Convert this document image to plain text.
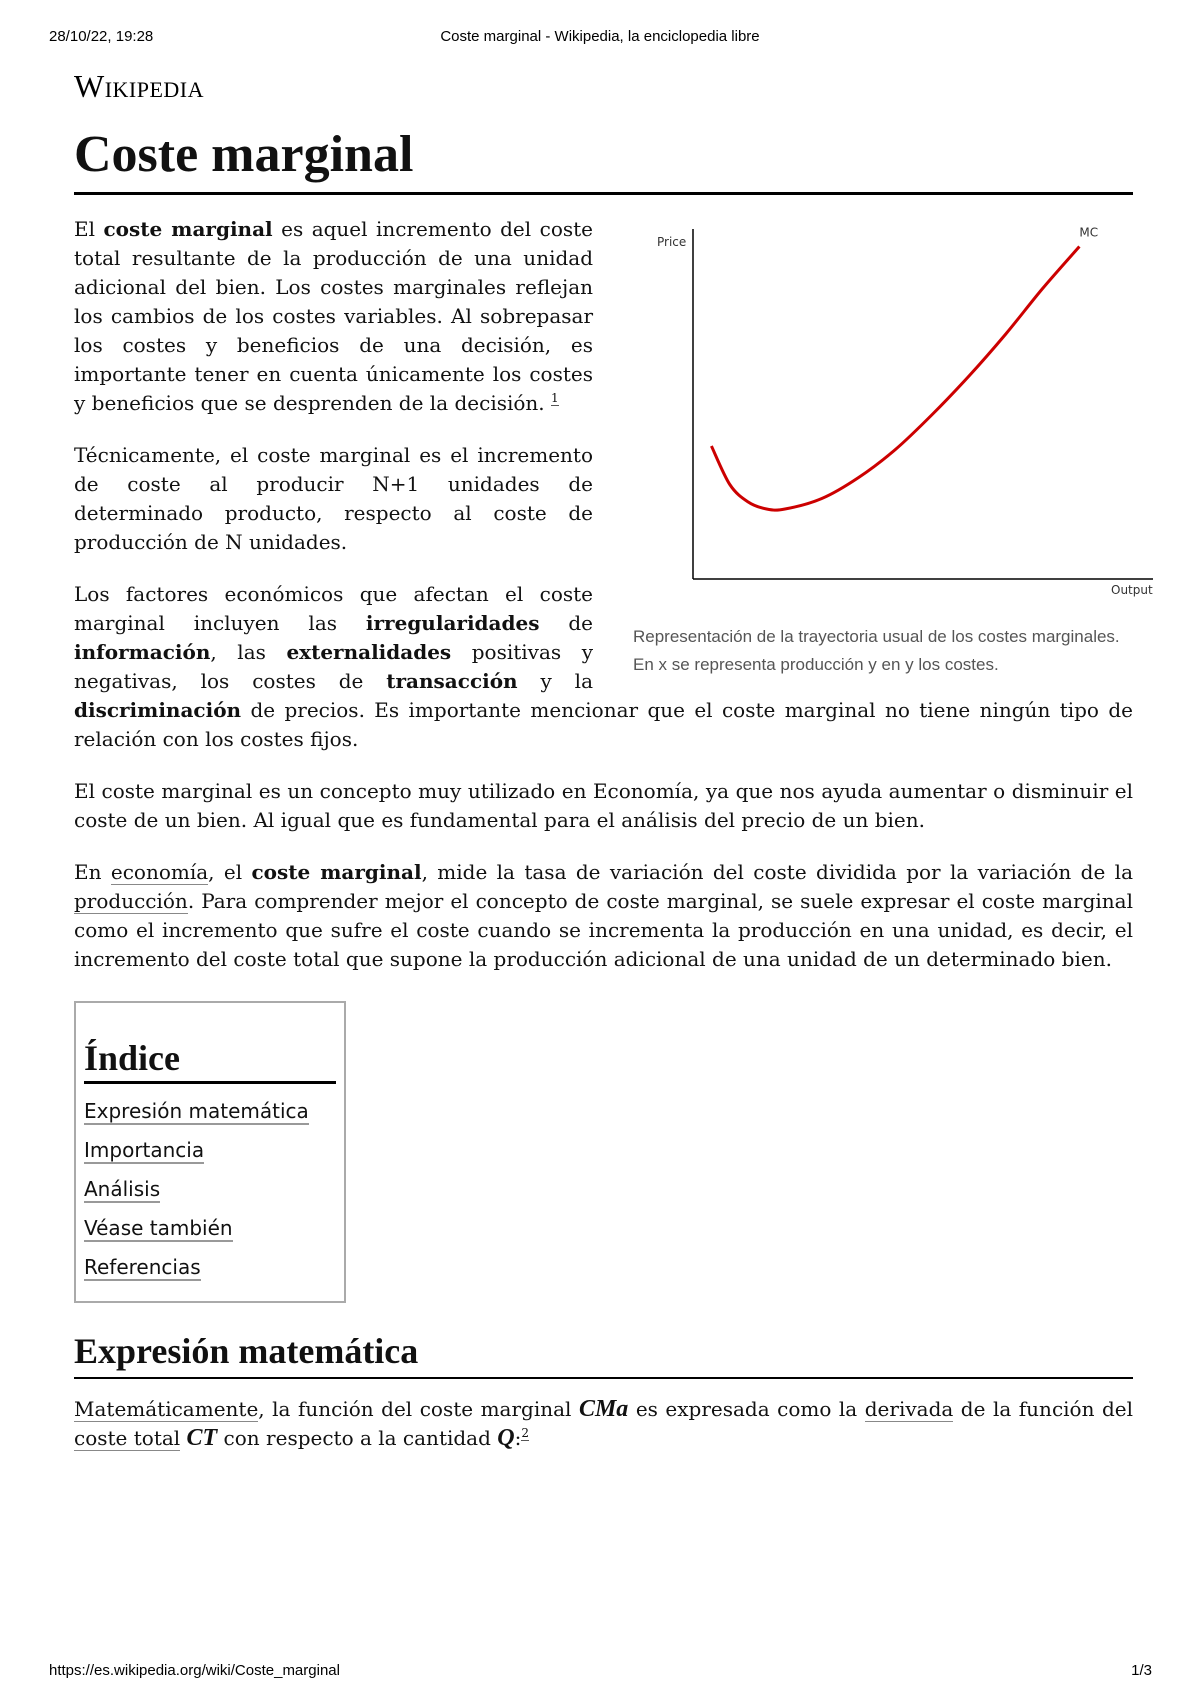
28/10/22, 19:28	Coste marginal - Wikipedia, la enciclopedia libre
Wikipedia
Coste marginal
Price
Output
MC
Representación de la trayectoria usual de los costes marginales. En x se representa producción y en y los costes.

El coste marginal es aquel incremento del coste total resultante de la producción de una unidad adicional del bien. Los costes marginales reflejan los cambios de los costes variables. Al sobrepasar los costes y beneficios de una decisión, es importante tener en cuenta únicamente los costes y beneficios que se desprenden de la decisión. $^1$

Técnicamente, el coste marginal es el incremento de coste al producir N+1 unidades de determinado producto, respecto al coste de producción de N unidades.

Los factores económicos que afectan el coste marginal incluyen las irregularidades de información, las externalidades positivas y negativas, los costes de transacción y la discriminación de precios. Es importante mencionar que el coste marginal no tiene ningún tipo de relación con los costes fijos.

El coste marginal es un concepto muy utilizado en Economía, ya que nos ayuda aumentar o disminuir el coste de un bien. Al igual que es fundamental para el análisis del precio de un bien.

En economía, el coste marginal, mide la tasa de variación del coste dividida por la variación de la producción. Para comprender mejor el concepto de coste marginal, se suele expresar el coste marginal como el incremento que sufre el coste cuando se incrementa la producción en una unidad, es decir, el incremento del coste total que supone la producción adicional de una unidad de un determinado bien.

Índice
Expresión matemática
Importancia
Análisis
Véase también
Referencias
Expresión matemática

Matemáticamente, la función del coste marginal CMa es expresada como la derivada de la función del coste total CT con respecto a la cantidad Q:$^2$

https://es.wikipedia.org/wiki/Coste_marginal	1/3
